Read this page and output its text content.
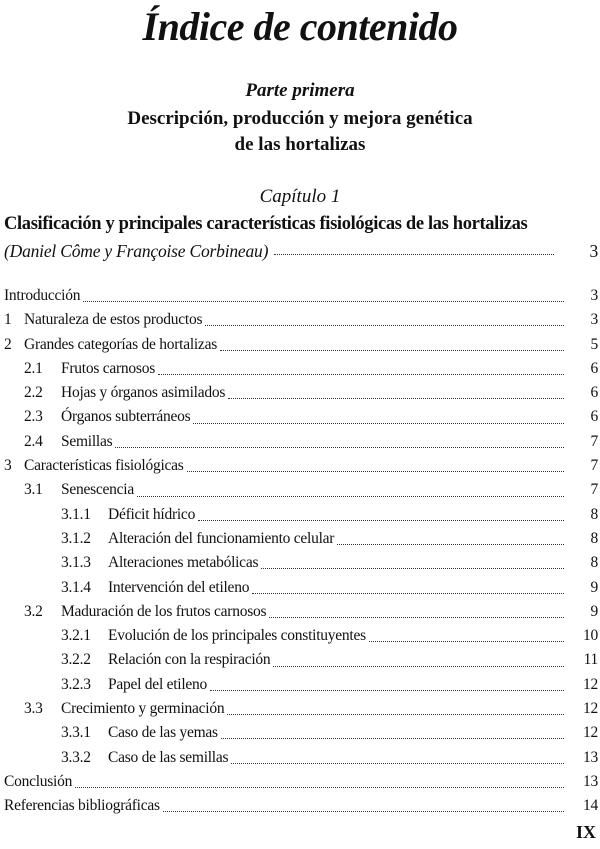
Índice de contenido
Parte primera
Descripción, producción y mejora genética
de las hortalizas
Capítulo 1
Clasificación y principales características fisiológicas de las hortalizas
(Daniel Côme y Françoise Corbineau)	3
Introducción	3
1 Naturaleza de estos productos	3
2 Grandes categorías de hortalizas	5
2.1	Frutos carnosos	6
2.2	Hojas y órganos asimilados	6
2.3	Órganos subterráneos	6
2.4	Semillas	7
3 Características fisiológicas	7
3.1	Senescencia	7
3.1.1	Déficit hídrico	8
3.1.2	Alteración del funcionamiento celular	8
3.1.3	Alteraciones metabólicas	8
3.1.4	Intervención del etileno	9
3.2	Maduración de los frutos carnosos	9
3.2.1	Evolución de los principales constituyentes	10
3.2.2	Relación con la respiración	11
3.2.3	Papel del etileno	12
3.3	Crecimiento y germinación	12
3.3.1	Caso de las yemas	12
3.3.2	Caso de las semillas	13
Conclusión	13
Referencias bibliográficas	14
IX
